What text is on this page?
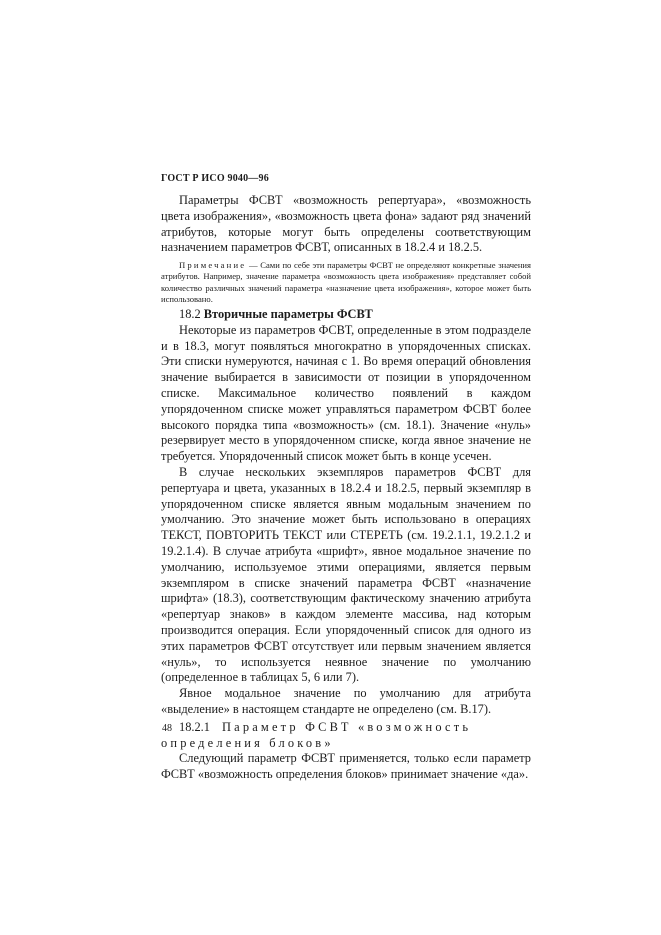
ГОСТ Р ИСО 9040—96

Параметры ФСВТ «возможность репертуара», «возможность цвета изображения», «возможность цвета фона» задают ряд значений атрибутов, которые могут быть определены соответствующим назначением параметров ФСВТ, описанных в 18.2.4 и 18.2.5.

Примечание — Сами по себе эти параметры ФСВТ не определяют конкретные значения атрибутов. Например, значение параметра «возможность цвета изображения» представляет собой количество различных значений параметра «назначение цвета изображения», которое может быть использовано.

18.2 Вторичные параметры ФСВТ

Некоторые из параметров ФСВТ, определенные в этом подразделе и в 18.3, могут появляться многократно в упорядоченных списках. Эти списки нумеруются, начиная с 1. Во время операций обновления значение выбирается в зависимости от позиции в упорядоченном списке. Максимальное количество появлений в каждом упорядоченном списке может управляться параметром ФСВТ более высокого порядка типа «возможность» (см. 18.1). Значение «нуль» резервирует место в упорядоченном списке, когда явное значение не требуется. Упорядоченный список может быть в конце усечен.

В случае нескольких экземпляров параметров ФСВТ для репертуара и цвета, указанных в 18.2.4 и 18.2.5, первый экземпляр в упорядоченном списке является явным модальным значением по умолчанию. Это значение может быть использовано в операциях ТЕКСТ, ПОВТОРИТЬ ТЕКСТ или СТЕРЕТЬ (см. 19.2.1.1, 19.2.1.2 и 19.2.1.4). В случае атрибута «шрифт», явное модальное значение по умолчанию, используемое этими операциями, является первым экземпляром в списке значений параметра ФСВТ «назначение шрифта» (18.3), соответствующим фактическому значению атрибута «репертуар знаков» в каждом элементе массива, над которым производится операция. Если упорядоченный список для одного из этих параметров ФСВТ отсутствует или первым значением является «нуль», то используется неявное значение по умолчанию (определенное в таблицах 5, 6 или 7).

Явное модальное значение по умолчанию для атрибута «выделение» в настоящем стандарте не определено (см. В.17).

18.2.1 Параметр ФСВТ «возможность определения блоков»

Следующий параметр ФСВТ применяется, только если параметр ФСВТ «возможность определения блоков» принимает значение «да».

48
